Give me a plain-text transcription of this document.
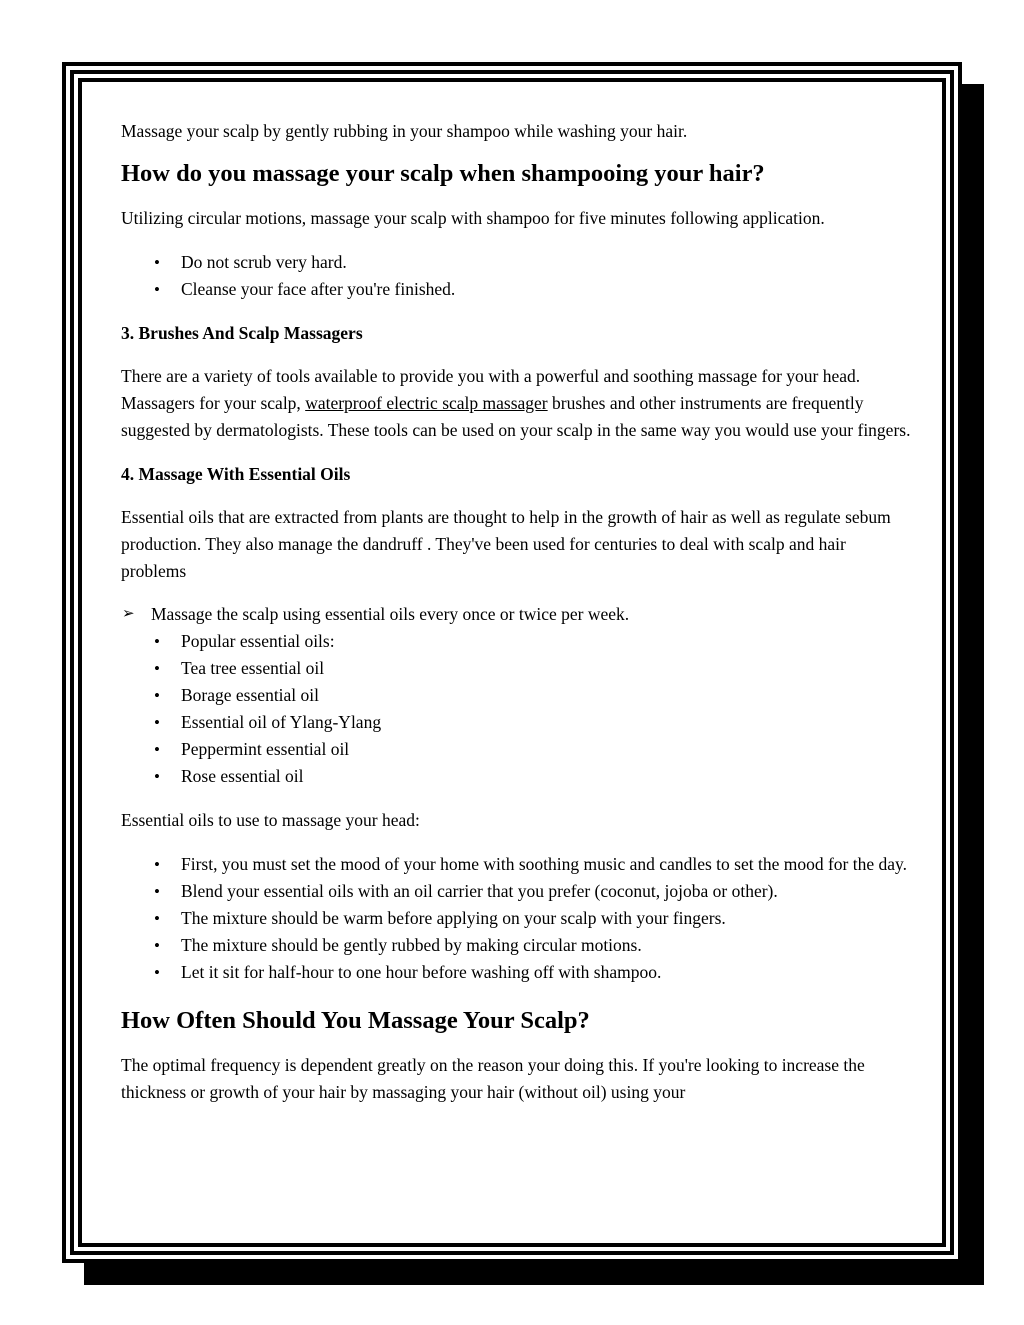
Massage your scalp by gently rubbing in your shampoo while washing your hair.

How do you massage your scalp when shampooing your hair?

Utilizing circular motions, massage your scalp with shampoo for five minutes following application.

• Do not scrub very hard.
• Cleanse your face after you're finished.
3. Brushes And Scalp Massagers

There are a variety of tools available to provide you with a powerful and soothing massage for your head. Massagers for your scalp, waterproof electric scalp massager brushes and other instruments are frequently suggested by dermatologists. These tools can be used on your scalp in the same way you would use your fingers.

4. Massage With Essential Oils

Essential oils that are extracted from plants are thought to help in the growth of hair as well as regulate sebum production. They also manage the dandruff . They've been used for centuries to deal with scalp and hair problems

➢ Massage the scalp using essential oils every once or twice per week.
• Popular essential oils:
• Tea tree essential oil
• Borage essential oil
• Essential oil of Ylang-Ylang
• Peppermint essential oil
• Rose essential oil

Essential oils to use to massage your head:

• First, you must set the mood of your home with soothing music and candles to set the mood for the day.
• Blend your essential oils with an oil carrier that you prefer (coconut, jojoba or other).
• The mixture should be warm before applying on your scalp with your fingers.
• The mixture should be gently rubbed by making circular motions.
• Let it sit for half-hour to one hour before washing off with shampoo.
How Often Should You Massage Your Scalp?

The optimal frequency is dependent greatly on the reason your doing this. If you're looking to increase the thickness or growth of your hair by massaging your hair (without oil) using your
